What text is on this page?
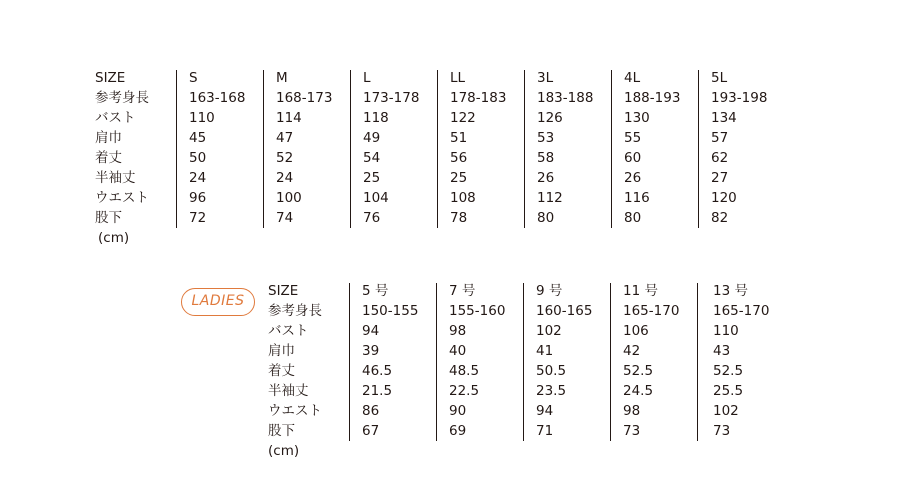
SIZE	S	M	L	LL	3L	4L	5L
参考身長	163-168 168-173 173-178 178-183 183-188 188-193 193-198
バスト	110	114	118	122	126	130	134
肩巾	45	47	49	51	53	55	57
着丈	50	52	54	56	58	60	62
半袖丈	24	24	25	25	26	26	27
ウエスト	96	100	104	108	112	116	120
股下	72	74	76	78	80	80	82
(cm)
LADIES
SIZE	5 号	7 号	9 号	11 号	13 号
参考身長	150-155 155-160 160-165 165-170 165-170
バスト	94	98	102	106	110
肩巾	39	40	41	42	43
着丈	46.5	48.5	50.5	52.5	52.5
半袖丈	21.5	22.5	23.5	24.5	25.5
ウエスト	86	90	94	98	102
股下	67	69	71	73	73
(cm)
